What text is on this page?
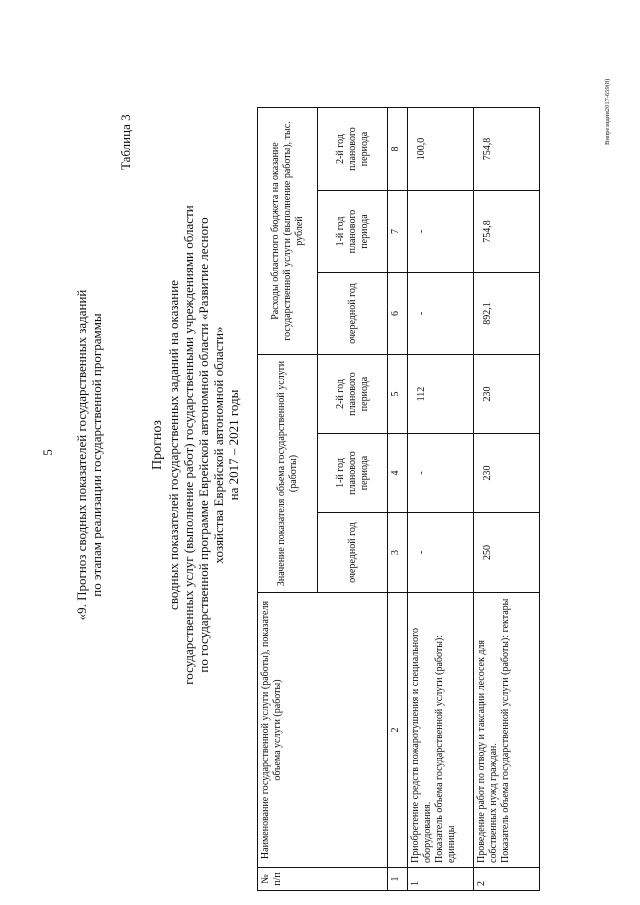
5 «9. Прогноз сводных показателей государственных заданий по этапам реализации государственной программы
Таблица 3
Прогноз сводных показателей государственных заданий на оказание государственных услуг (выполнение работ) государственными учреждениями области по государственной программе Еврейской автономной области «Развитие лесного хозяйства Еврейской автономной области» на 2017 – 2021 годы
№ п/п	Наименование государственной услуги (работы), показателя объема услуги (работы)	Значение показателя объема государственной услуги (работы)			Расходы областного бюджета на оказание государственной услуги (выполнение работы), тыс. рублей		
		очередной год	1-й год планового периода	2-й год планового периода	очередной год	1-й год планового периода	2-й год планового периода
1	2	3	4	5	6	7	8
1	Приобретение средств пожаротушения и специального оборудования. Показатель объема государственной услуги (работы): единицы	-	-	112	-	-	100,0
2	Проведение работ по отводу и таксации лесосек для собственных нужд граждан. Показатель объема государственной услуги (работы): гектары	250	230	230	892,1	754,8	754,8
Внпрезидии2017-659(8)
